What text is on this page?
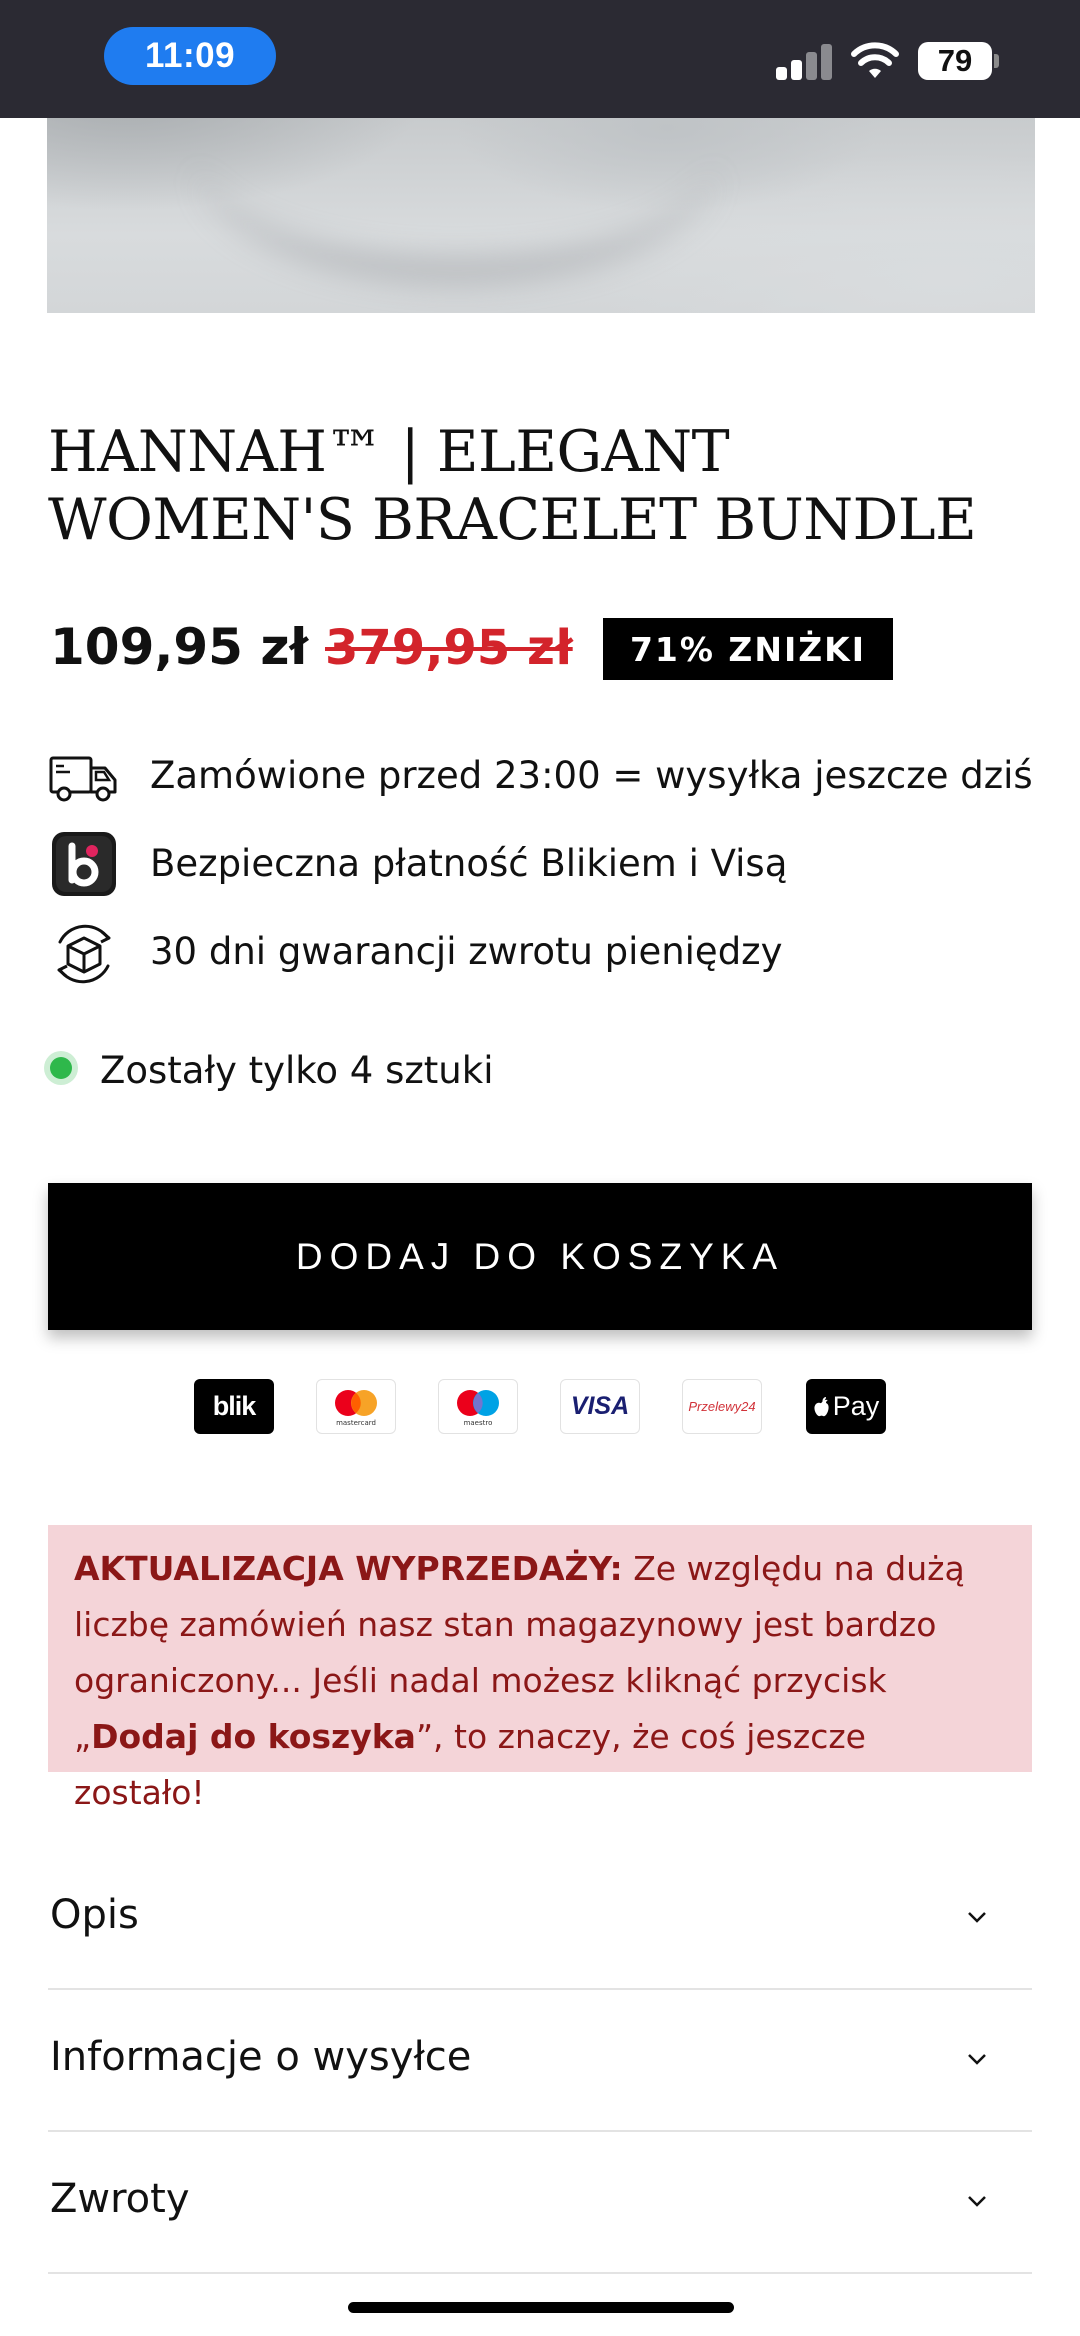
11:09	79
HANNAH™ | ELEGANT WOMEN'S BRACELET BUNDLE
109,95 zł 379,95 zł	71% ZNIŻKI
Zamówione przed 23:00 = wysyłka jeszcze dziś
Bezpieczna płatność Blikiem i Visą
30 dni gwarancji zwrotu pieniędzy
Zostały tylko 4 sztuki
DODAJ DO KOSZYKA
blik
mastercard	maestro
VISA	Przelewy24	Pay
AKTUALIZACJA WYPRZEDAŻY: Ze względu na dużą liczbę zamówień nasz stan magazynowy jest bardzo ograniczony... Jeśli nadal możesz kliknąć przycisk „Dodaj do koszyka”, to znaczy, że coś jeszcze zostało!
Opis
Informacje o wysyłce
Zwroty
